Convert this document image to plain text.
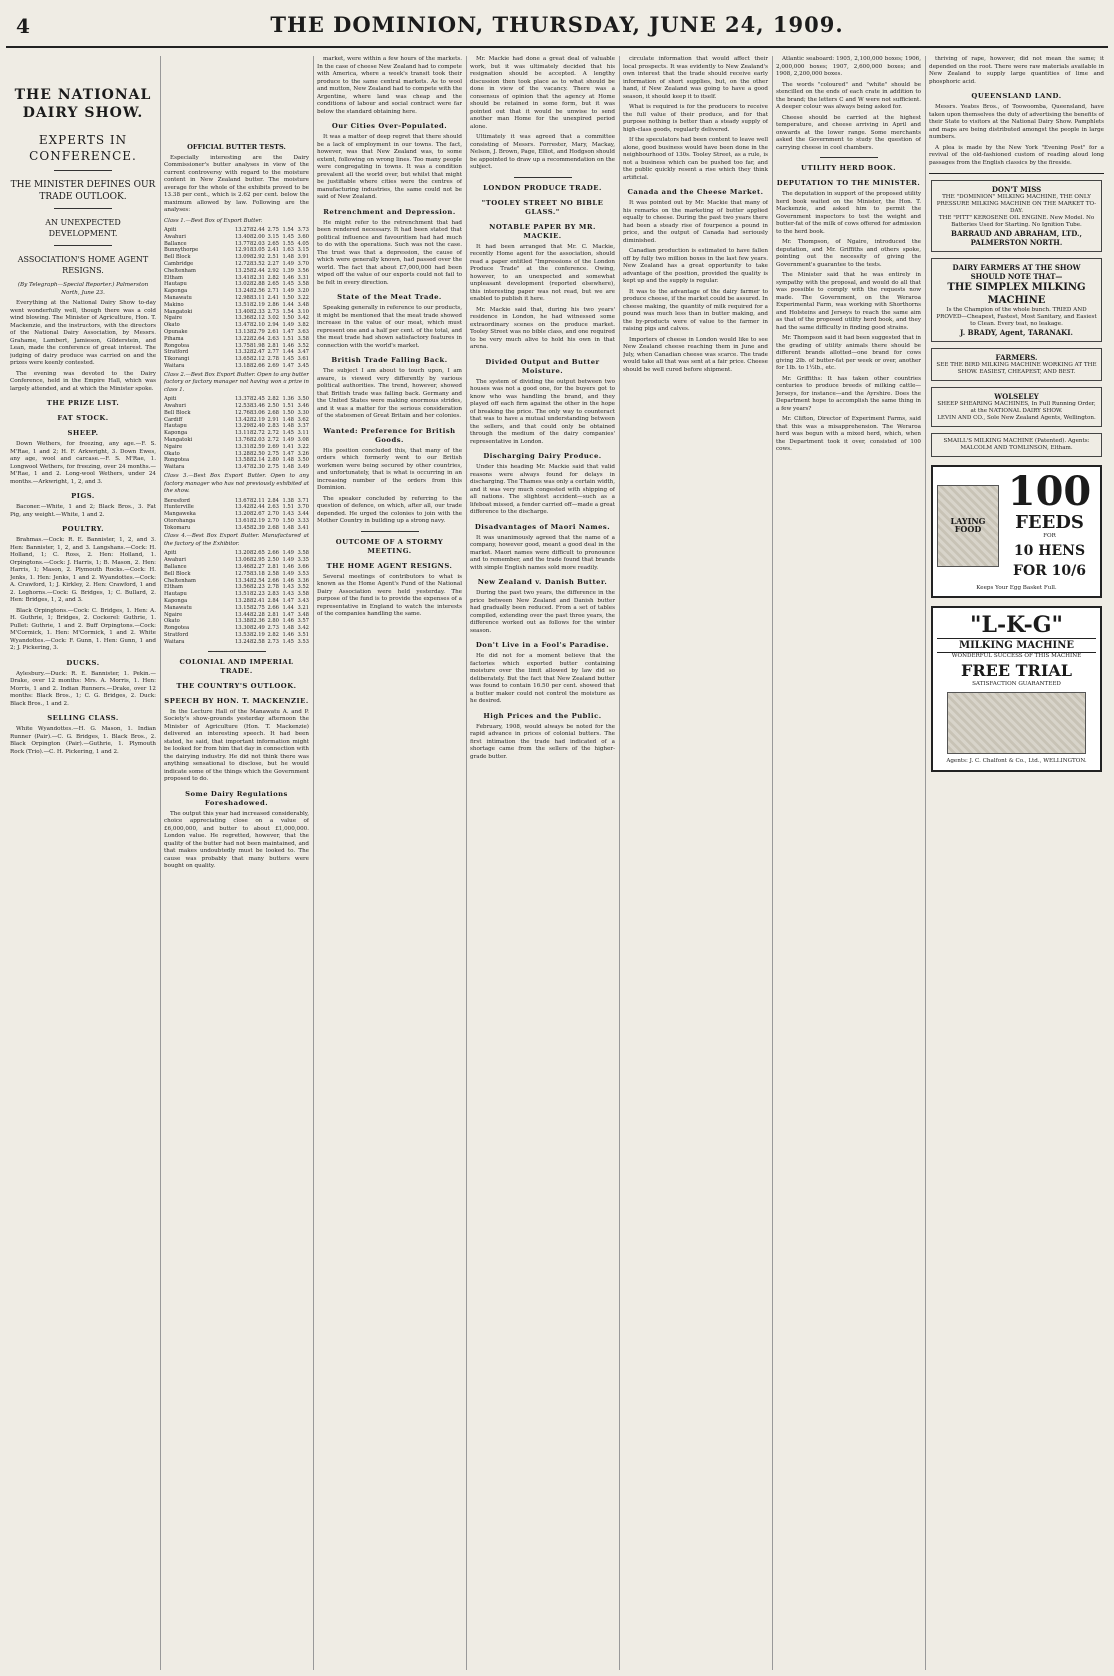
4	THE DOMINION, THURSDAY, JUNE 24, 1909.
THE NATIONAL DAIRY SHOW.
EXPERTS IN CONFERENCE.
THE MINISTER DEFINES OUR TRADE OUTLOOK.
AN UNEXPECTED DEVELOPMENT.
ASSOCIATION'S HOME AGENT RESIGNS.
(By Telegraph—Special Reporter.) Palmerston North, June 23.

Everything at the National Dairy Show to-day went wonderfully well, though there was a cold wind blowing. The Minister of Agriculture, Hon. T. Mackenzie, and the instructors, with the directors of the National Dairy Association, by Messrs. Grahame, Lambert, Jamieson, Gilderstein, and Lean, made the conference of great interest. The judging of dairy produce was carried on and the prizes were keenly contested.

The evening was devoted to the Dairy Conference, held in the Empire Hall, which was largely attended, and at which the Minister spoke.

THE PRIZE LIST.
FAT STOCK.
SHEEP.

Down Wethers, for freezing, any age.—F. S. M'Rae, 1 and 2; H. F. Arkwright, 3. Down Ewes, any age, wool and carcase.—F. S. M'Rae, 1. Longwool Wethers, for freezing, over 24 months.—M'Rae, 1 and 2. Long-wool Wethers, under 24 months.—Arkwright, 1, 2, and 3.

PIGS.

Baconer.—White, 1 and 2; Black Bros., 3. Fat Pig, any weight.—White, 1 and 2.

POULTRY.

Brahmas.—Cock: R. E. Bannister, 1, 2, and 3. Hen: Bannister, 1, 2, and 3. Langshans.—Cock: H. Holland, 1; C. Ross, 2. Hen: Holland, 1. Orpingtons.—Cock: J. Harris, 1; B. Mason, 2. Hen: Harris, 1; Mason, 2. Plymouth Rocks.—Cock: H. Jenks, 1. Hen: Jenks, 1 and 2. Wyandottes.—Cock: A. Crawford, 1; J. Kirkley, 2. Hen: Crawford, 1 and 2. Leghorns.—Cock: G. Bridges, 1; C. Bullard, 2. Hen: Bridges, 1, 2, and 3.

Black Orpingtons.—Cock: C. Bridges, 1. Hen: A. H. Guthrie, 1; Bridges, 2. Cockerel: Guthrie, 1. Pullet: Guthrie, 1 and 2. Buff Orpingtons.—Cock: M'Cormick, 1. Hen: M'Cormick, 1 and 2. White Wyandottes.—Cock: F. Gunn, 1. Hen: Gunn, 1 and 2; J. Pickering, 3.

DUCKS.

Aylesbury.—Duck: R. E. Bannister, 1. Pekin.—Drake, over 12 months: Mrs. A. Morris, 1. Hen: Morris, 1 and 2. Indian Runners.—Drake, over 12 months: Black Bros., 1; C. G. Bridges, 2. Duck: Black Bros., 1 and 2.

SELLING CLASS.

White Wyandottes.—H. G. Mason, 1. Indian Runner (Pair).—C. G. Bridges, 1. Black Bros., 2. Black Orpington (Pair).—Guthrie, 1. Plymouth Rock (Trio).—C. H. Pickering, 1 and 2.

OFFICIAL BUTTER TESTS.

Especially interesting are the Dairy Commissioner's butter analyses in view of the current controversy with regard to the moisture content in New Zealand butter. The moisture average for the whole of the exhibits proved to be 13.38 per cent., which is 2.62 per cent. below the maximum allowed by law. Following are the analyses:

Class 1.—Best Box of Export Butter.
Apiti	13.27 82.44 2.75 1.54 3.73
Awahuri	13.40 82.00 3.15 1.45 3.60
Ballance	13.77 82.03 2.65 1.55 4.05
Bunnythorpe	12.91 83.05 2.41 1.63 3.15
Bell Block	13.09 82.92 2.51 1.48 3.91
Cambridge	12.72 83.52 2.27 1.49 3.70
Cheltenham	13.25 82.44 2.92 1.39 3.56
Eltham	13.41 82.31 2.82 1.46 3.31
Hautapu	13.02 82.88 2.65 1.45 3.58
Kaponga	13.24 82.56 2.71 1.49 3.20
Manawatu	12.98 83.11 2.41 1.50 3.22
Makino	13.51 82.19 2.86 1.44 3.48
Mangatoki	13.40 82.33 2.73 1.54 3.10
Ngaire	13.36 82.12 3.02 1.50 3.42
Okato	13.47 82.10 2.94 1.49 3.82
Opunake	13.13 82.79 2.61 1.47 3.63
Pihama	13.22 82.64 2.63 1.51 3.58
Rongotea	13.75 81.98 2.81 1.46 3.52
Stratford	13.32 82.47 2.77 1.44 3.47
Tikorangi	13.65 82.12 2.78 1.45 3.61
Waitara	13.18 82.66 2.69 1.47 3.45
Class 2.—Best Box Export Butter. Open to any butter factory or factory manager not having won a prize in class 1.
Apiti	13.37 82.45 2.82 1.36 3.50
Awahuri	12.53 83.46 2.50 1.51 3.46
Bell Block	12.76 83.06 2.68 1.50 3.30
Cardiff	13.42 82.19 2.91 1.48 3.62
Hautapu	13.29 82.40 2.83 1.48 3.37
Kaponga	13.11 82.72 2.72 1.45 3.11
Mangatoki	13.76 82.03 2.72 1.49 3.08
Ngaire	13.31 82.59 2.69 1.41 3.22
Okato	13.28 82.50 2.75 1.47 3.26
Rongotea	13.58 82.14 2.80 1.48 3.50
Waitara	13.47 82.30 2.75 1.48 3.49
Class 3.—Best Box Export Butter. Open to any factory manager who has not previously exhibited at the show.
Beresford	13.67 82.11 2.84 1.38 3.71
Hunterville	13.42 82.44 2.63 1.51 3.70
Mangaweka	13.20 82.67 2.70 1.43 3.44
Otorohanga	13.61 82.19 2.70 1.50 3.33
Tokomaru	13.45 82.39 2.68 1.48 3.41
Class 4.—Best Box Export Butter. Manufactured at the factory of the Exhibitor.
Apiti	13.20 82.65 2.66 1.49 3.58
Awahuri	13.06 82.95 2.50 1.49 3.35
Ballance	13.46 82.27 2.81 1.46 3.66
Bell Block	12.75 83.18 2.58 1.49 3.53
Cheltenham	13.34 82.54 2.66 1.46 3.36
Eltham	13.56 82.23 2.78 1.43 3.52
Hautapu	13.51 82.23 2.83 1.43 3.58
Kaponga	13.28 82.41 2.84 1.47 3.43
Manawatu	13.15 82.75 2.66 1.44 3.21
Ngaire	13.44 82.28 2.81 1.47 3.48
Okato	13.38 82.36 2.80 1.46 3.57
Rongotea	13.30 82.49 2.73 1.48 3.42
Stratford	13.53 82.19 2.82 1.46 3.51
Waitara	13.24 82.58 2.73 1.45 3.53
COLONIAL AND IMPERIAL TRADE.
THE COUNTRY'S OUTLOOK.
SPEECH BY HON. T. MACKENZIE.

In the Lecture Hall of the Manawatu A. and P. Society's show-grounds yesterday afternoon the Minister of Agriculture (Hon. T. Mackenzie) delivered an interesting speech. It had been stated, he said, that important information might be looked for from him that day in connection with the dairying industry. He did not think there was anything sensational to disclose, but he would indicate some of the things which the Government proposed to do.

Some Dairy Regulations Foreshadowed.

The output this year had increased considerably, choice appreciating close on a value of £6,000,000, and butter to about £1,000,000. London value. He regretted, however, that the quality of the butter had not been maintained, and that makes undoubtedly must be looked to. The cause was probably that many butters were bought on quality.

market, were within a few hours of the markets. In the case of cheese New Zealand had to compete with America, where a week's transit took their produce to the same central markets. As to wool and mutton, New Zealand had to compete with the Argentine, where land was cheap and the conditions of labour and social contract were far below the standard obtaining here.

Our Cities Over-Populated.

It was a matter of deep regret that there should be a lack of employment in our towns. The fact, however, was that New Zealand was, to some extent, following on wrong lines. Too many people were congregating in towns. It was a condition prevalent all the world over, but whilst that might be justifiable where cities were the centres of manufacturing industries, the same could not be said of New Zealand.

Retrenchment and Depression.

He might refer to the retrenchment that had been rendered necessary. It had been stated that political influence and favouritism had had much to do with the operations. Such was not the case. The trust was that a depression, the cause of which were generally known, had passed over the world. The fact that about £7,000,000 had been wiped off the value of our exports could not fail to be felt in every direction.

State of the Meat Trade.

Speaking generally in reference to our products, it might be mentioned that the meat trade showed increase in the value of our meat, which must represent one and a half per cent. of the total, and the meat trade had shown satisfactory features in connection with the world's market.

British Trade Falling Back.

The subject I am about to touch upon, I am aware, is viewed very differently by various political authorities. The trend, however, showed that British trade was falling back. Germany and the United States were making enormous strides, and it was a matter for the serious consideration of the statesmen of Great Britain and her colonies.

Wanted: Preference for British Goods.

His position concluded this, that many of the orders which formerly went to our British workmen were being secured by other countries, and unfortunately, that is what is occurring in an increasing number of the orders from this Dominion.

The speaker concluded by referring to the question of defence, on which, after all, our trade depended. He urged the colonies to join with the Mother Country in building up a strong navy.

OUTCOME OF A STORMY MEETING.
THE HOME AGENT RESIGNS.

Several meetings of contributors to what is known as the Home Agent's Fund of the National Dairy Association were held yesterday. The purpose of the fund is to provide the expenses of a representative in England to watch the interests of the companies handling the same.

Mr. Mackie had done a great deal of valuable work, but it was ultimately decided that his resignation should be accepted. A lengthy discussion then took place as to what should be done in view of the vacancy. There was a consensus of opinion that the agency at Home should be retained in some form, but it was pointed out that it would be unwise to send another man Home for the unexpired period alone.

Ultimately it was agreed that a committee consisting of Messrs. Forrester, Mary, Mackay, Nelson, J. Brown, Page, Elliot, and Hodgson should be appointed to draw up a recommendation on the subject.

LONDON PRODUCE TRADE.
"TOOLEY STREET NO BIBLE GLASS."
NOTABLE PAPER BY MR. MACKIE.

It had been arranged that Mr. C. Mackie, recently Home agent for the association, should read a paper entitled "Impressions of the London Produce Trade" at the conference. Owing, however, to an unexpected and somewhat unpleasant development (reported elsewhere), this interesting paper was not read, but we are enabled to publish it here.

Mr. Mackie said that, during his two years' residence in London, he had witnessed some extraordinary scenes on the produce market. Tooley Street was no bible class, and one required to be very much alive to hold his own in that arena.

Divided Output and Butter Moisture.

The system of dividing the output between two houses was not a good one, for the buyers got to know who was handling the brand, and they played off each firm against the other in the hope of breaking the price. The only way to counteract that was to have a mutual understanding between the sellers, and that could only be obtained through the medium of the dairy companies' representative in London.

Discharging Dairy Produce.

Under this heading Mr. Mackie said that valid reasons were always found for delays in discharging. The Thames was only a certain width, and it was very much congested with shipping of all nations. The slightest accident—such as a lifeboat missed, a fender carried off—made a great difference to the discharge.

Disadvantages of Maori Names.

It was unanimously agreed that the name of a company, however good, meant a good deal in the market. Maori names were difficult to pronounce and to remember, and the trade found that brands with simple English names sold more readily.

New Zealand v. Danish Butter.

During the past two years, the difference in the price between New Zealand and Danish butter had gradually been reduced. From a set of tables compiled, extending over the past three years, the difference worked out as follows for the winter season.

Don't Live in a Fool's Paradise.

He did not for a moment believe that the factories which exported butter containing moisture over the limit allowed by law did so deliberately. But the fact that New Zealand butter was found to contain 16.50 per cent. showed that a butter maker could not control the moisture as he desired.

High Prices and the Public.

February, 1908, would always be noted for the rapid advance in prices of colonial butters. The first intimation the trade had indicated of a shortage came from the sellers of the higher-grade butter.

circulate information that would affect their local prospects. It was evidently to New Zealand's own interest that the trade should receive early information of short supplies, but, on the other hand, if New Zealand was going to have a good season, it should keep it to itself.

What is required is for the producers to receive the full value of their produce, and for that purpose nothing is better than a steady supply of high-class goods, regularly delivered.

If the speculators had been content to leave well alone, good business would have been done in the neighbourhood of 130s. Tooley Street, as a rule, is not a business which can be pushed too far, and the public quickly resent a rise which they think artificial.

Canada and the Cheese Market.

It was pointed out by Mr. Mackie that many of his remarks on the marketing of butter applied equally to cheese. During the past two years there had been a steady rise of fourpence a pound in price, and the output of Canada had seriously diminished.

Canadian production is estimated to have fallen off by fully two million boxes in the last few years. New Zealand has a great opportunity to take advantage of the position, provided the quality is kept up and the supply is regular.

It was to the advantage of the dairy farmer to produce cheese, if the market could be assured. In cheese making, the quantity of milk required for a pound was much less than in butter making, and the by-products were of value to the farmer in raising pigs and calves.

Importers of cheese in London would like to see New Zealand cheese reaching them in June and July, when Canadian cheese was scarce. The trade would take all that was sent at a fair price. Cheese should be well cured before shipment.

Atlantic seaboard: 1905, 2,100,000 boxes; 1906, 2,000,000 boxes; 1907, 2,600,000 boxes; and 1908, 2,200,000 boxes.

The words "coloured" and "white" should be stencilled on the ends of each crate in addition to the brand; the letters C and W were not sufficient. A deeper colour was always being asked for.

Cheese should be carried at the highest temperature, and cheese arriving in April and onwards at the lower range. Some merchants asked the Government to study the question of carrying cheese in cool chambers.

UTILITY HERD BOOK.
DEPUTATION TO THE MINISTER.

The deputation in support of the proposed utility herd book waited on the Minister, the Hon. T. Mackenzie, and asked him to permit the Government inspectors to test the weight and butter-fat of the milk of cows offered for admission to the herd book.

Mr. Thompson, of Ngaire, introduced the deputation, and Mr. Griffiths and others spoke, pointing out the necessity of giving the Government's guarantee to the tests.

The Minister said that he was entirely in sympathy with the proposal, and would do all that was possible to comply with the requests now made. The Government, on the Weraroa Experimental Farm, was working with Shorthorns and Holsteins and Jerseys to reach the same aim as that of the proposed utility herd book, and they had the same difficulty in finding good strains.

Mr. Thompson said it had been suggested that in the grading of utility animals there should be different brands allotted—one brand for cows giving 2lb. of butter-fat per week or over, another for 1lb. to 1½lb., etc.

Mr. Griffiths: It has taken other countries centuries to produce breeds of milking cattle—Jerseys, for instance—and the Ayrshire. Does the Department hope to accomplish the same thing in a few years?

Mr. Clifton, Director of Experiment Farms, said that this was a misapprehension. The Weraroa herd was begun with a mixed herd, which, when the Department took it over, consisted of 100 cows.

thriving of rape, however, did not mean the same; it depended on the root. There were raw materials available in New Zealand to supply large quantities of lime and phosphoric acid.

QUEENSLAND LAND.

Messrs. Yeates Bros., of Toowoomba, Queensland, have taken upon themselves the duty of advertising the benefits of their State to visitors at the National Dairy Show. Pamphlets and maps are being distributed amongst the people in large numbers.

A plea is made by the New York "Evening Post" for a revival of the old-fashioned custom of reading aloud long passages from the English classics by the fireside.

DON'T MISS
THE "DOMINION" MILKING MACHINE, THE ONLY PRESSURE MILKING MACHINE ON THE MARKET TO-DAY.
THE "PITT" KEROSENE OIL ENGINE. New Model. No Batteries Used for Starting. No Ignition Tube.
BARRAUD AND ABRAHAM, LTD., PALMERSTON NORTH.
DAIRY FARMERS AT THE SHOW SHOULD NOTE THAT—
THE SIMPLEX MILKING MACHINE
Is the Champion of the whole bunch. TRIED AND PROVED—Cheapest, Fastest, Most Sanitary, and Easiest to Clean. Every teat, no leakage.
J. BRADY, Agent, TARANAKI.
FARMERS.
SEE THE BIRD MILKING MACHINE WORKING AT THE SHOW. EASIEST, CHEAPEST, AND BEST.
WOLSELEY
SHEEP SHEARING MACHINES, In Full Running Order, at the NATIONAL DAIRY SHOW.
LEVIN AND CO., Sole New Zealand Agents, Wellington.
SMAILL'S MILKING MACHINE (Patented). Agents: MALCOLM AND TOMLINSON, Eltham.
LAYING FOOD
100
FEEDS
FOR
10 HENS
FOR 10/6
Keeps Your Egg Basket Full.
"L-K-G"
MILKING MACHINE
WONDERFUL SUCCESS OF THIS MACHINE
FREE TRIAL
SATISFACTION GUARANTEED
Agents: J. C. Chalfont & Co., Ltd., WELLINGTON.
